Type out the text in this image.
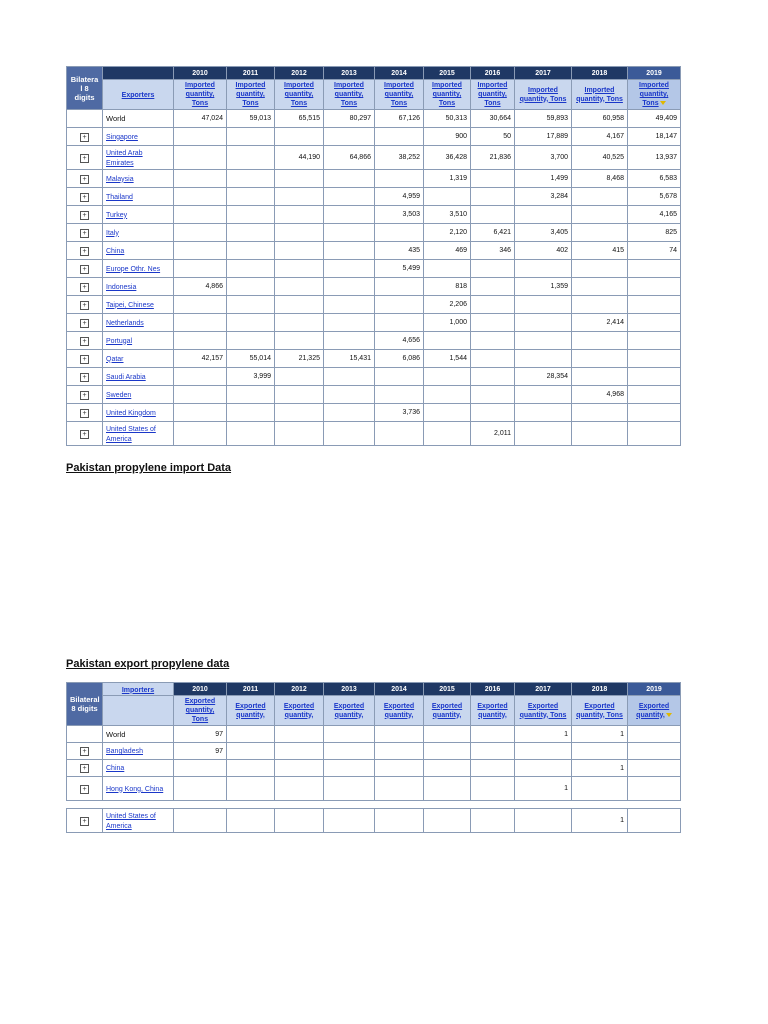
Bilatera l 8 digits		2010	2011	2012	2013	2014	2015	2016	2017	2018	2019
	Exporters	Imported quantity, Tons	Imported quantity, Tons	Imported quantity, Tons	Imported quantity, Tons	Imported quantity, Tons	Imported quantity, Tons	Imported quantity, Tons	Imported quantity, Tons	Imported quantity, Tons	Imported quantity, Tons
	World	47,024	59,013	65,515	80,297	67,126	50,313	30,664	59,893	60,958	49,409
+	Singapore						900	50	17,889	4,167	18,147
+	United Arab Emirates			44,190	64,866	38,252	36,428	21,836	3,700	40,525	13,937
+	Malaysia						1,319		1,499	8,468	6,583
+	Thailand					4,959			3,284		5,678
+	Turkey					3,503	3,510				4,165
+	Italy						2,120	6,421	3,405		825
+	China					435	469	346	402	415	74
+	Europe Othr. Nes					5,499					
+	Indonesia	4,866					818		1,359		
+	Taipei, Chinese						2,206				
+	Netherlands						1,000			2,414	
+	Portugal					4,656					
+	Qatar	42,157	55,014	21,325	15,431	6,086	1,544				
+	Saudi Arabia		3,999						28,354		
+	Sweden									4,968	
+	United Kingdom					3,736					
+	United States of America							2,011			
Pakistan propylene import Data
Pakistan export propylene data
Bilateral 8 digits	Importers	2010	2011	2012	2013	2014	2015	2016	2017	2018	2019
		Exported quantity, Tons	Exported quantity,	Exported quantity,	Exported quantity,	Exported quantity,	Exported quantity,	Exported quantity,	Exported quantity, Tons	Exported quantity, Tons	Exported quantity,
	World	97							1	1	
+	Bangladesh	97									
+	China									1	
+	Hong Kong, China								1		
+	United States of America									1	
